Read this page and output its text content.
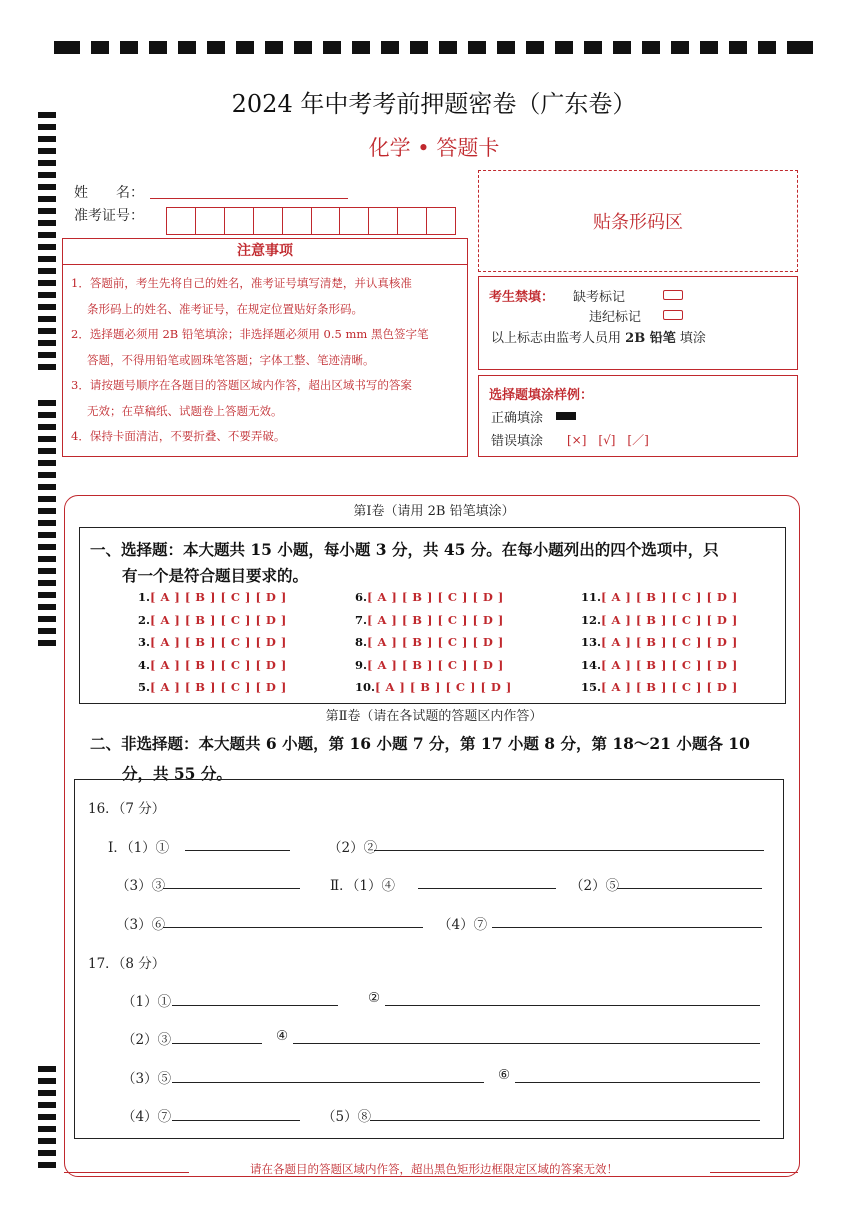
2024 年中考考前押题密卷（广东卷）
化学 • 答题卡
姓　　名：
准考证号：	贴条形码区
注意事项
1．答题前，考生先将自己的姓名，准考证号填写清楚，并认真核准
条形码上的姓名、准考证号，在规定位置贴好条形码。
2．选择题必须用 2B 铅笔填涂；非选择题必须用 0.5 mm 黑色签字笔
答题，不得用铅笔或圆珠笔答题；字体工整、笔迹清晰。
3．请按题号顺序在各题目的答题区域内作答，超出区域书写的答案
无效；在草稿纸、试题卷上答题无效。
4．保持卡面清洁，不要折叠、不要弄破。
考生禁填： 缺考标记
违纪标记
以上标志由监考人员用 2B 铅笔 填涂
选择题填涂样例：
正确填涂
错误填涂 [×]　[√]　[／]
第Ⅰ卷（请用 2B 铅笔填涂）
一、选择题：本大题共 15 小题，每小题 3 分，共 45 分。在每小题列出的四个选项中，只
有一个是符合题目要求的。
1.[ A ] [ B ] [ C ] [ D ]
2.[ A ] [ B ] [ C ] [ D ]
3.[ A ] [ B ] [ C ] [ D ]
4.[ A ] [ B ] [ C ] [ D ]
5.[ A ] [ B ] [ C ] [ D ]
6.[ A ] [ B ] [ C ] [ D ]
7.[ A ] [ B ] [ C ] [ D ]
8.[ A ] [ B ] [ C ] [ D ]
9.[ A ] [ B ] [ C ] [ D ]
10.[ A ] [ B ] [ C ] [ D ]
11.[ A ] [ B ] [ C ] [ D ]
12.[ A ] [ B ] [ C ] [ D ]
13.[ A ] [ B ] [ C ] [ D ]
14.[ A ] [ B ] [ C ] [ D ]
15.[ A ] [ B ] [ C ] [ D ]
第Ⅱ卷（请在各试题的答题区内作答）
二、非选择题：本大题共 6 小题，第 16 小题 7 分，第 17 小题 8 分，第 18～21 小题各 10
分，共 55 分。
16．（7 分）
Ⅰ．（1）①	（2）②
（3）③	Ⅱ．（1）④	（2）⑤
（3）⑥	（4）⑦
17．（8 分）
（1）①	②
（2）③	④
（3）⑤	⑥
（4）⑦	（5）⑧
请在各题目的答题区域内作答，超出黑色矩形边框限定区域的答案无效！
